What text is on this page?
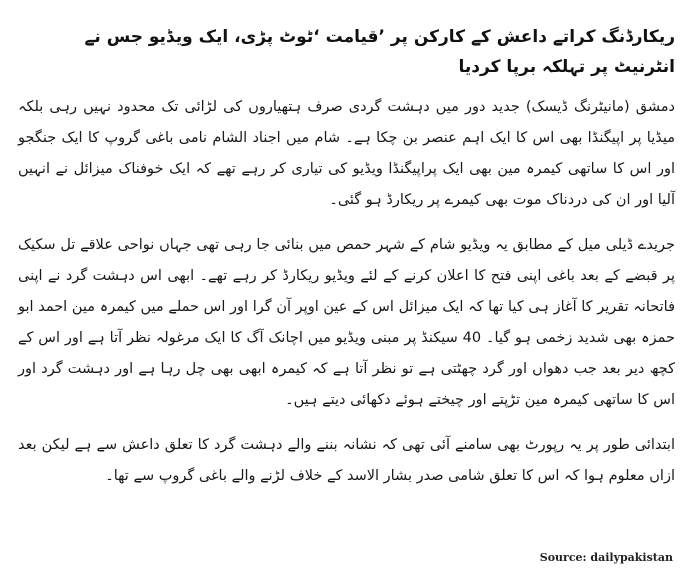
ریکارڈنگ کراتے داعش کے کارکن پر ’قیامت ‘ٹوٹ پڑی، ایک ویڈیو جس نے انٹرنیٹ پر تہلکہ برپا کردیا

دمشق (مانیٹرنگ ڈیسک) جدید دور میں دہشت گردی صرف ہتھیاروں کی لڑائی تک محدود نہیں رہی بلکہ میڈیا پر اپیگنڈا بھی اس کا ایک اہم عنصر بن چکا ہے۔ شام میں اجناد الشام نامی باغی گروپ کا ایک جنگجو اور اس کا ساتھی کیمرہ مین بھی ایک پراپیگنڈا ویڈیو کی تیاری کر رہے تھے کہ ایک خوفناک میزائل نے انہیں آلیا اور ان کی دردناک موت بھی کیمرے پر ریکارڈ ہو گئی۔

جریدے ڈیلی میل کے مطابق یہ ویڈیو شام کے شہر حمص میں بنائی جا رہی تھی جہاں نواحی علاقے تل سکیک پر قبضے کے بعد باغی اپنی فتح کا اعلان کرنے کے لئے ویڈیو ریکارڈ کر رہے تھے۔ ابھی اس دہشت گرد نے اپنی فاتحانہ تقریر کا آغاز ہی کیا تھا کہ ایک میزائل اس کے عین اوپر آن گرا اور اس حملے میں کیمرہ مین احمد ابو حمزہ بھی شدید زخمی ہو گیا۔ 40 سیکنڈ پر مبنی ویڈیو میں اچانک آگ کا ایک مرغولہ نظر آتا ہے اور اس کے کچھ دیر بعد جب دھواں اور گرد چھٹتی ہے تو نظر آتا ہے کہ کیمرہ ابھی بھی چل رہا ہے اور دہشت گرد اور اس کا ساتھی کیمرہ مین تڑپتے اور چیختے ہوئے دکھائی دیتے ہیں۔

ابتدائی طور پر یہ رپورٹ بھی سامنے آئی تھی کہ نشانہ بننے والے دہشت گرد کا تعلق داعش سے ہے لیکن بعد ازاں معلوم ہوا کہ اس کا تعلق شامی صدر بشار الاسد کے خلاف لڑنے والے باغی گروپ سے تھا۔

Source: dailypakistan
